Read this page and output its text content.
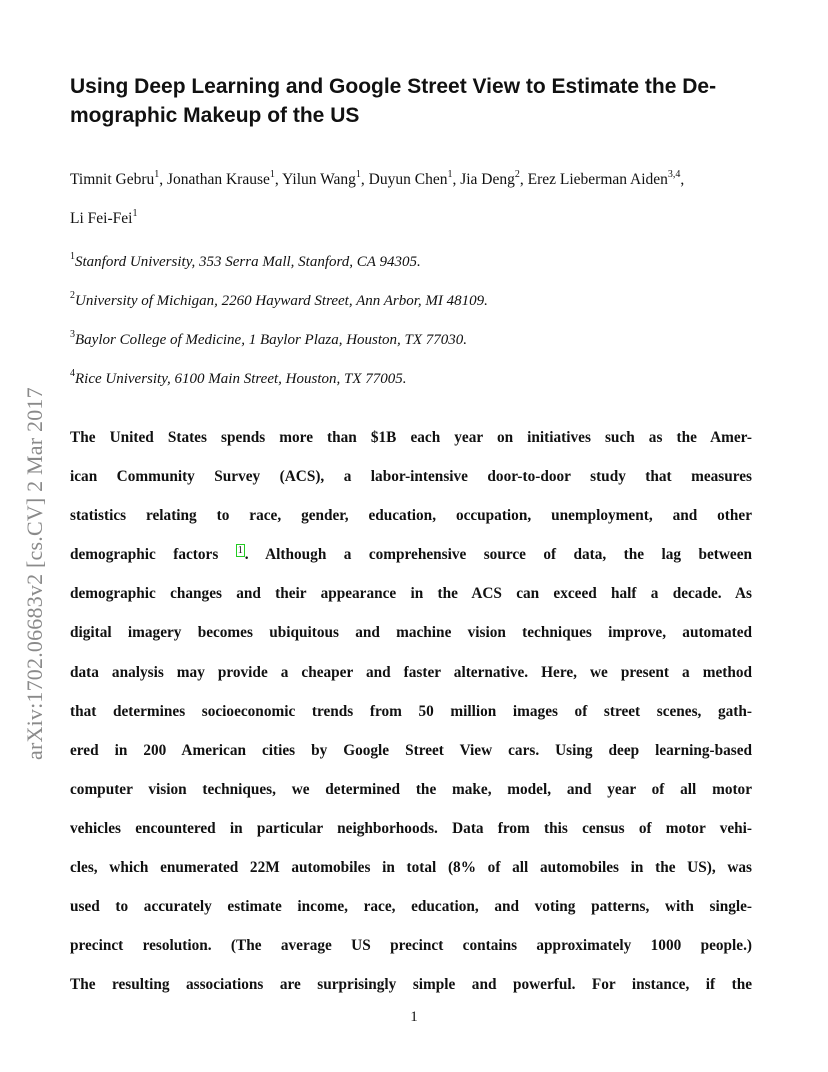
arXiv:1702.06683v2 [cs.CV] 2 Mar 2017
Using Deep Learning and Google Street View to Estimate the De-
mographic Makeup of the US
Timnit Gebru$^1$, Jonathan Krause$^1$, Yilun Wang$^1$, Duyun Chen$^1$, Jia Deng$^2$, Erez Lieberman Aiden$^{3,4}$,
Li Fei-Fei$^1$
$^1$Stanford University, 353 Serra Mall, Stanford, CA 94305.
$^2$University of Michigan, 2260 Hayward Street, Ann Arbor, MI 48109.
$^3$Baylor College of Medicine, 1 Baylor Plaza, Houston, TX 77030.
$^4$Rice University, 6100 Main Street, Houston, TX 77005.
The United States spends more than $1B each year on initiatives such as the Amer-
ican Community Survey (ACS), a labor-intensive door-to-door study that measures
statistics relating to race, gender, education, occupation, unemployment, and other
demographic factors 1 . Although a comprehensive source of data, the lag between
demographic changes and their appearance in the ACS can exceed half a decade. As
digital imagery becomes ubiquitous and machine vision techniques improve, automated
data analysis may provide a cheaper and faster alternative. Here, we present a method
that determines socioeconomic trends from 50 million images of street scenes, gath-
ered in 200 American cities by Google Street View cars. Using deep learning-based
computer vision techniques, we determined the make, model, and year of all motor
vehicles encountered in particular neighborhoods. Data from this census of motor vehi-
cles, which enumerated 22M automobiles in total (8% of all automobiles in the US), was
used to accurately estimate income, race, education, and voting patterns, with single-
precinct resolution. (The average US precinct contains approximately 1000 people.)
The resulting associations are surprisingly simple and powerful. For instance, if the
1
